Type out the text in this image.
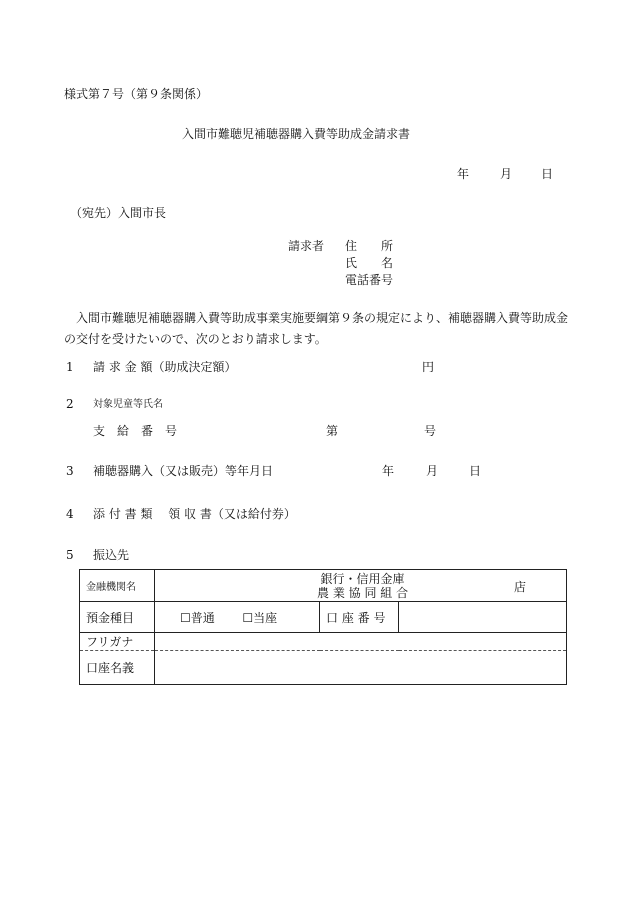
様式第７号（第９条関係）
入間市難聴児補聴器購入費等助成金請求書
年	月 日
（宛先）入間市長
請求者 住　　所
氏　　名
電話番号
入間市難聴児補聴器購入費等助成事業実施要綱第９条の規定により、補聴器購入費等助成金の交付を受けたいので、次のとおり請求します。
1 請 求 金 額（助成決定額）	円
2 対象児童等氏名
支　給　番　号	第	号
3 補聴器購入（又は販売）等年月日	年	月	日
4 添 付 書 類　 領 収 書（又は給付券）
5 振込先
金融機関名	銀行・信用金庫
農 業 協 同 組 合 店		

預金種目	☐普通 ☐当座	口 座 番 号	
フリガナ			
口座名義			
